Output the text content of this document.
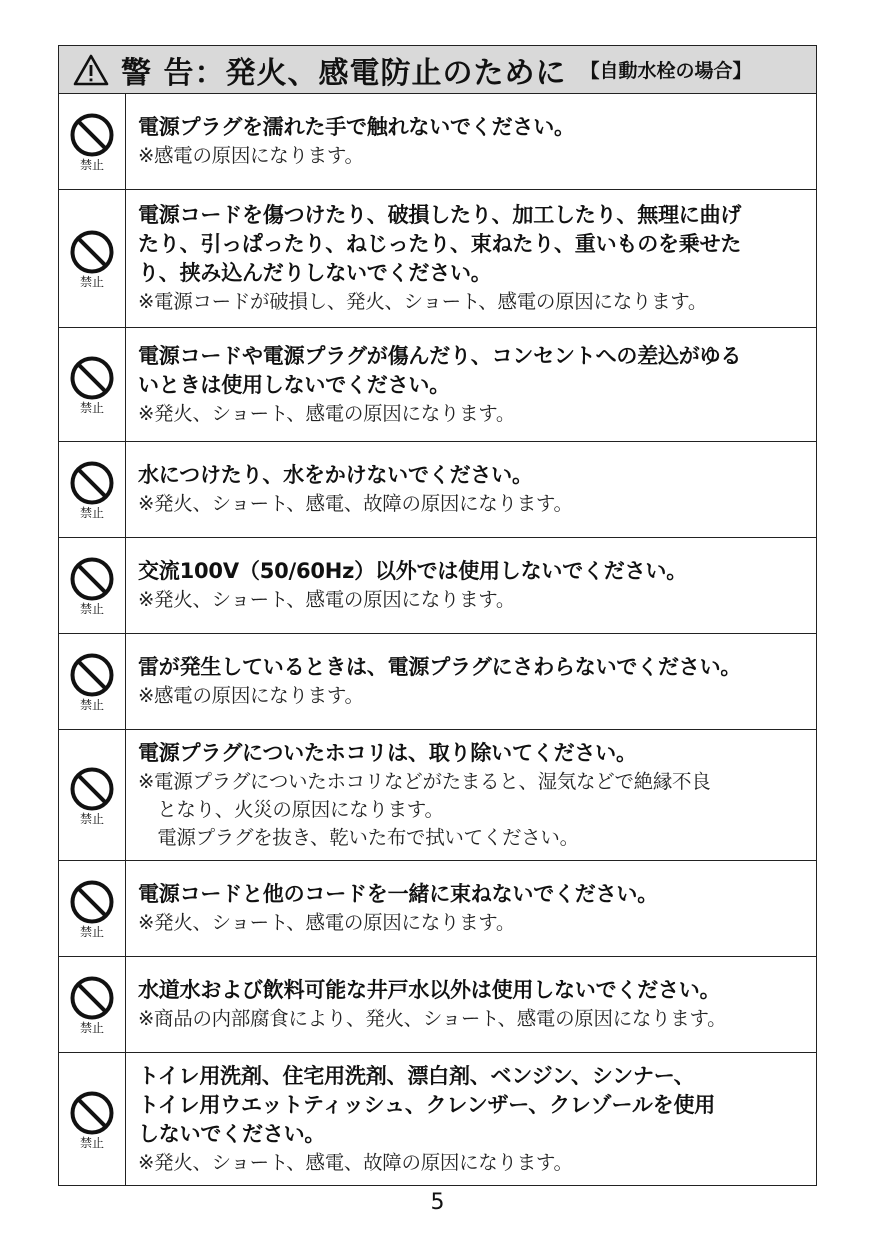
警 告：発火、感電防止のために 【自動水栓の場合】
禁止
電源プラグを濡れた手で触れないでください。
※感電の原因になります。
禁止
電源コードを傷つけたり、破損したり、加工したり、無理に曲げ
たり、引っぱったり、ねじったり、束ねたり、重いものを乗せた
り、挟み込んだりしないでください。
※電源コードが破損し、発火、ショート、感電の原因になります。
禁止
電源コードや電源プラグが傷んだり、コンセントへの差込がゆる
いときは使用しないでください。
※発火、ショート、感電の原因になります。
禁止
水につけたり、水をかけないでください。
※発火、ショート、感電、故障の原因になります。
禁止
交流100V（50/60Hz）以外では使用しないでください。
※発火、ショート、感電の原因になります。
禁止
雷が発生しているときは、電源プラグにさわらないでください。
※感電の原因になります。
禁止
電源プラグについたホコリは、取り除いてください。
※電源プラグについたホコリなどがたまると、湿気などで絶縁不良
　となり、火災の原因になります。
　電源プラグを抜き、乾いた布で拭いてください。
禁止
電源コードと他のコードを一緒に束ねないでください。
※発火、ショート、感電の原因になります。
禁止
水道水および飲料可能な井戸水以外は使用しないでください。
※商品の内部腐食により、発火、ショート、感電の原因になります。
禁止
トイレ用洗剤、住宅用洗剤、漂白剤、ベンジン、シンナー、
トイレ用ウエットティッシュ、クレンザー、クレゾールを使用
しないでください。
※発火、ショート、感電、故障の原因になります。
5
